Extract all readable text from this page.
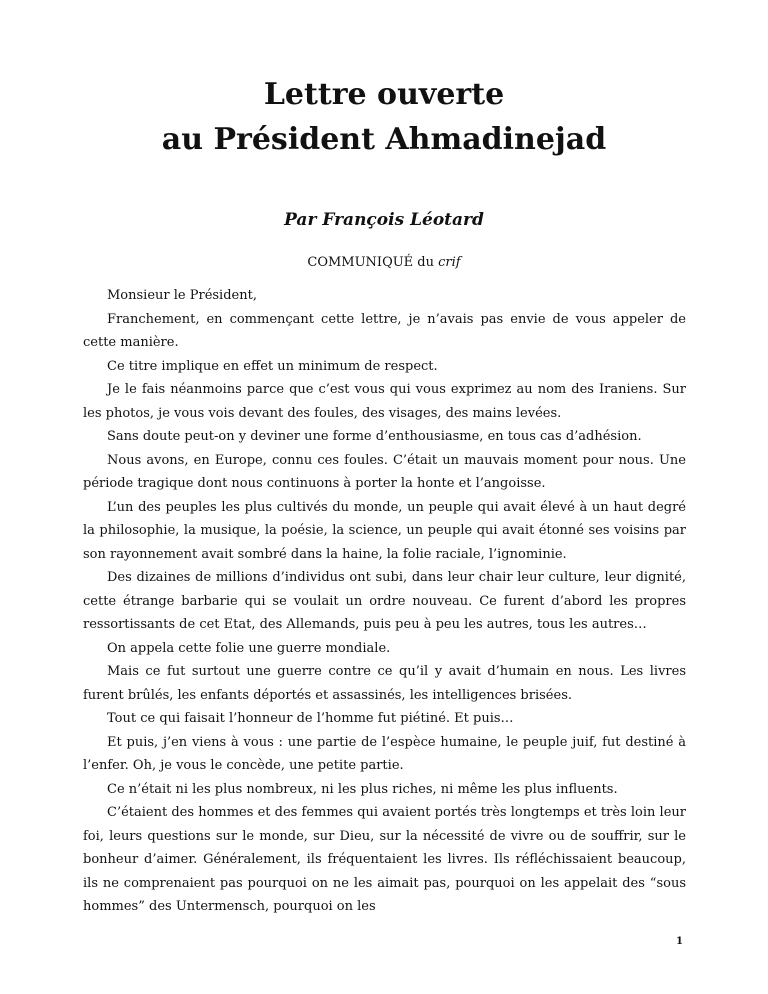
Lettre ouverte
au Président Ahmadinejad

Par François Léotard

COMMUNIQUÉ du crif

Monsieur le Président,

Franchement, en commençant cette lettre, je n’avais pas envie de vous appeler de cette manière.

Ce titre implique en effet un minimum de respect.

Je le fais néanmoins parce que c’est vous qui vous exprimez au nom des Iraniens. Sur les photos, je vous vois devant des foules, des visages, des mains levées.

Sans doute peut-on y deviner une forme d’enthousiasme, en tous cas d’adhésion.

Nous avons, en Europe, connu ces foules. C’était un mauvais moment pour nous. Une période tragique dont nous continuons à porter la honte et l’angoisse.

L’un des peuples les plus cultivés du monde, un peuple qui avait élevé à un haut degré la philosophie, la musique, la poésie, la science, un peuple qui avait étonné ses voisins par son rayonnement avait sombré dans la haine, la folie raciale, l’ignominie.

Des dizaines de millions d’individus ont subi, dans leur chair leur culture, leur dignité, cette étrange barbarie qui se voulait un ordre nouveau. Ce furent d’abord les propres ressortissants de cet Etat, des Allemands, puis peu à peu les autres, tous les autres…

On appela cette folie une guerre mondiale.

Mais ce fut surtout une guerre contre ce qu’il y avait d’humain en nous. Les livres furent brûlés, les enfants déportés et assassinés, les intelligences brisées.

Tout ce qui faisait l’honneur de l’homme fut piétiné. Et puis…

Et puis, j’en viens à vous : une partie de l’espèce humaine, le peuple juif, fut destiné à l’enfer. Oh, je vous le concède, une petite partie.

Ce n’était ni les plus nombreux, ni les plus riches, ni même les plus influents.

C’étaient des hommes et des femmes qui avaient portés très longtemps et très loin leur foi, leurs questions sur le monde, sur Dieu, sur la nécessité de vivre ou de souffrir, sur le bonheur d’aimer. Généralement, ils fréquentaient les livres. Ils réfléchissaient beaucoup, ils ne comprenaient pas pourquoi on ne les aimait pas, pourquoi on les appelait des “sous hommes” des Untermensch, pourquoi on les

1
